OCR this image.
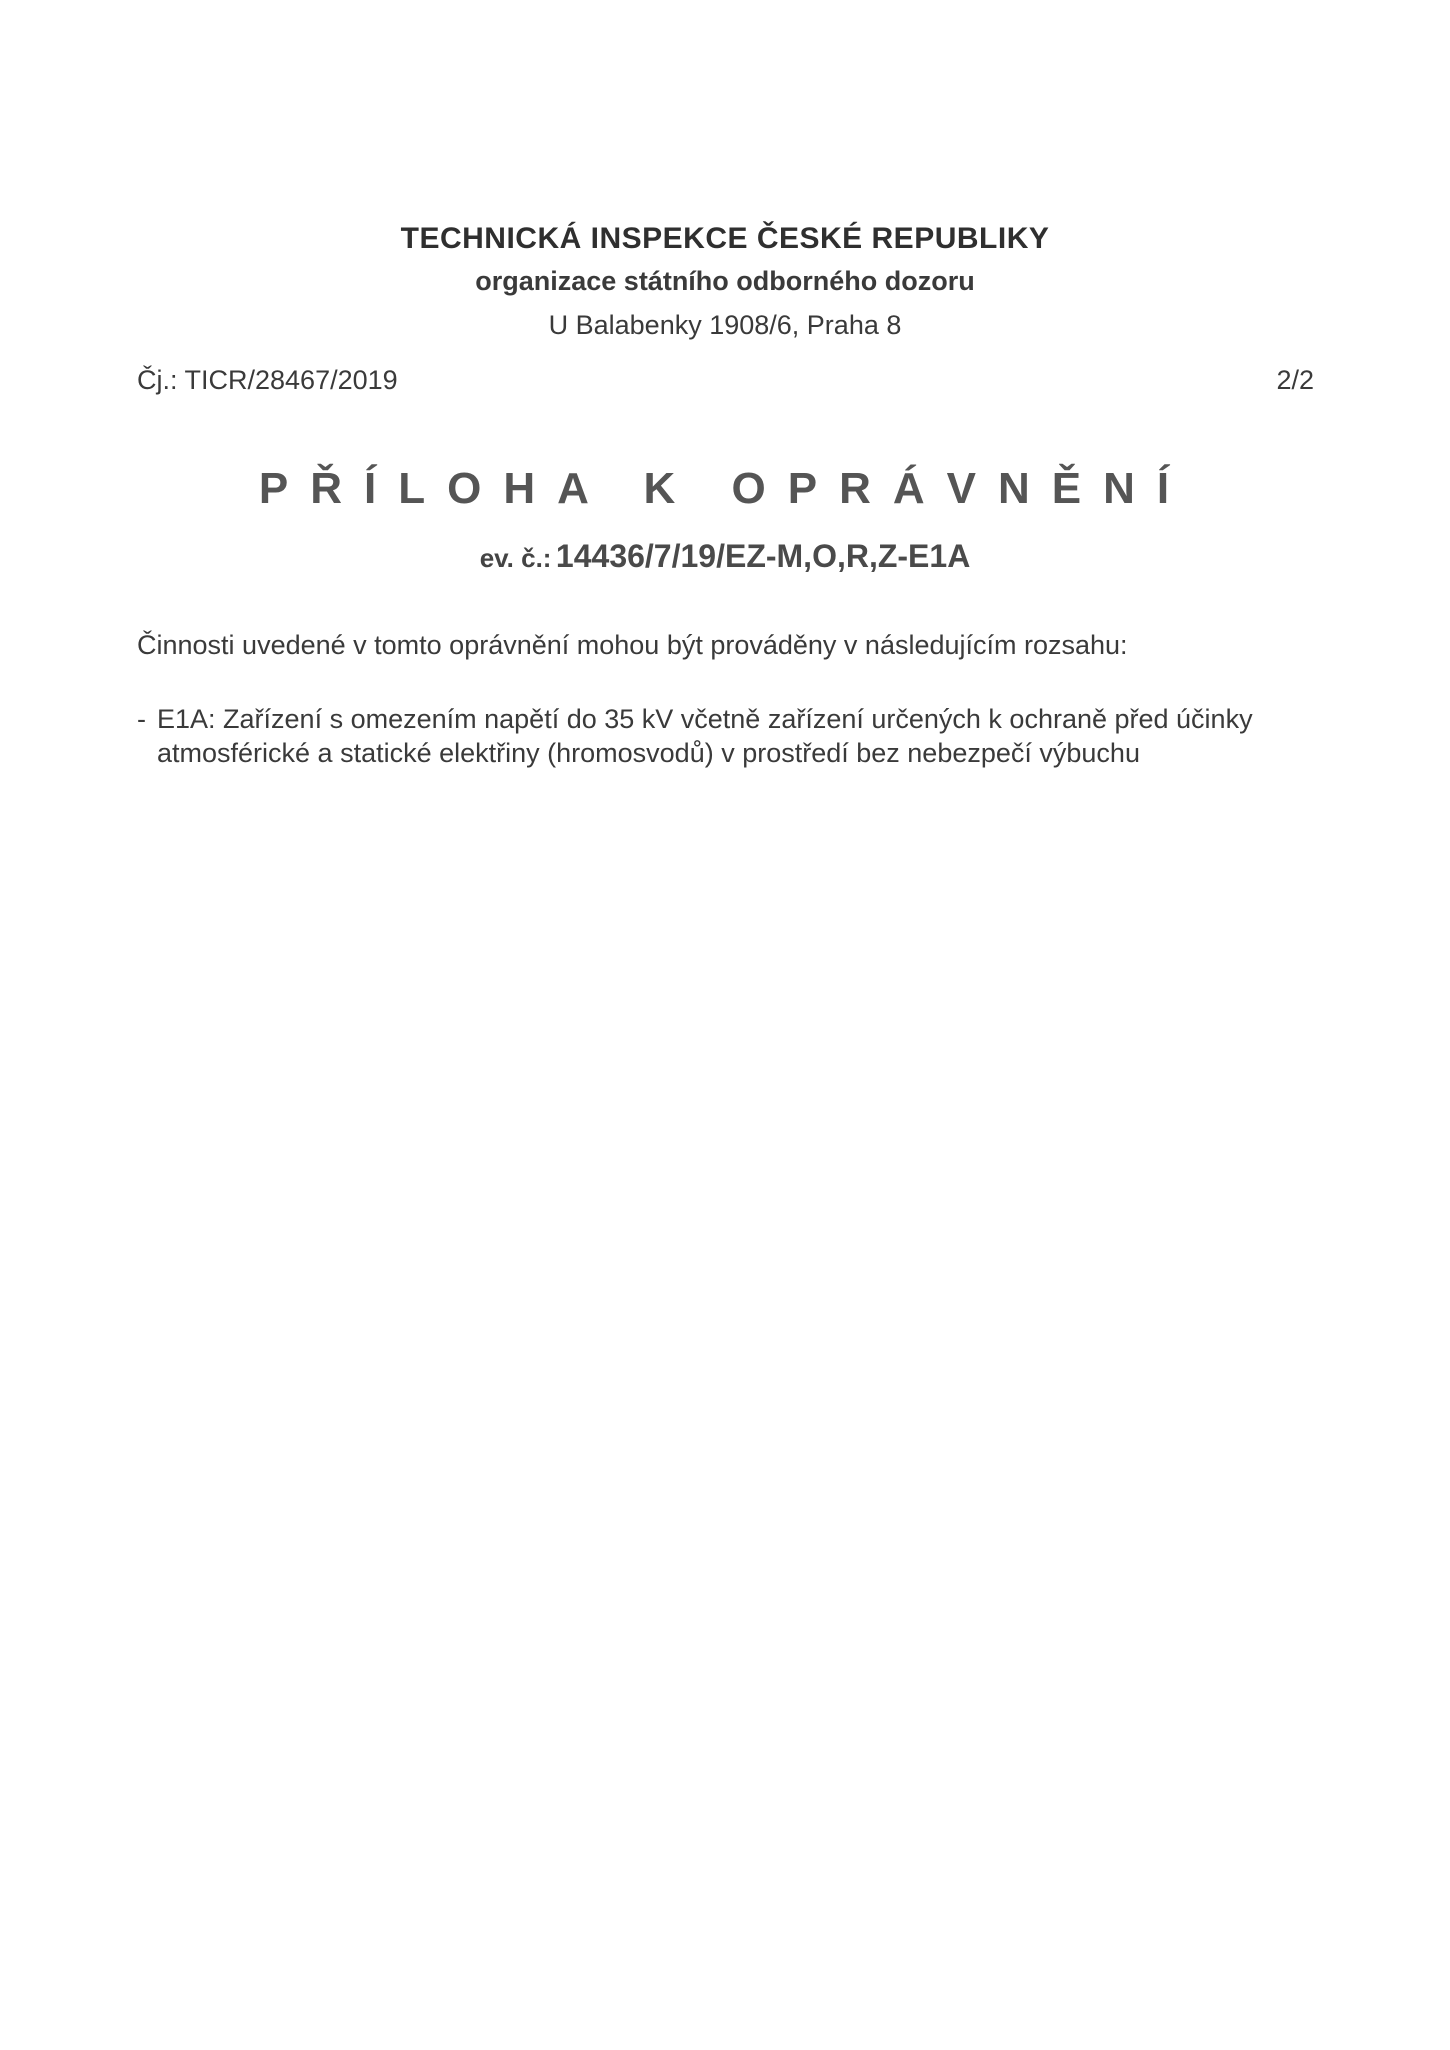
TECHNICKÁ INSPEKCE ČESKÉ REPUBLIKY
organizace státního odborného dozoru
U Balabenky 1908/6, Praha 8
Čj.: TICR/28467/2019	2/2
PŘÍLOHA K OPRÁVNĚNÍ
ev. č.: 14436/7/19/EZ-M,O,R,Z-E1A
Činnosti uvedené v tomto oprávnění mohou být prováděny v následujícím rozsahu:
- E1A: Zařízení s omezením napětí do 35 kV včetně zařízení určených k ochraně před účinky atmosférické a statické elektřiny (hromosvodů) v prostředí bez nebezpečí výbuchu
